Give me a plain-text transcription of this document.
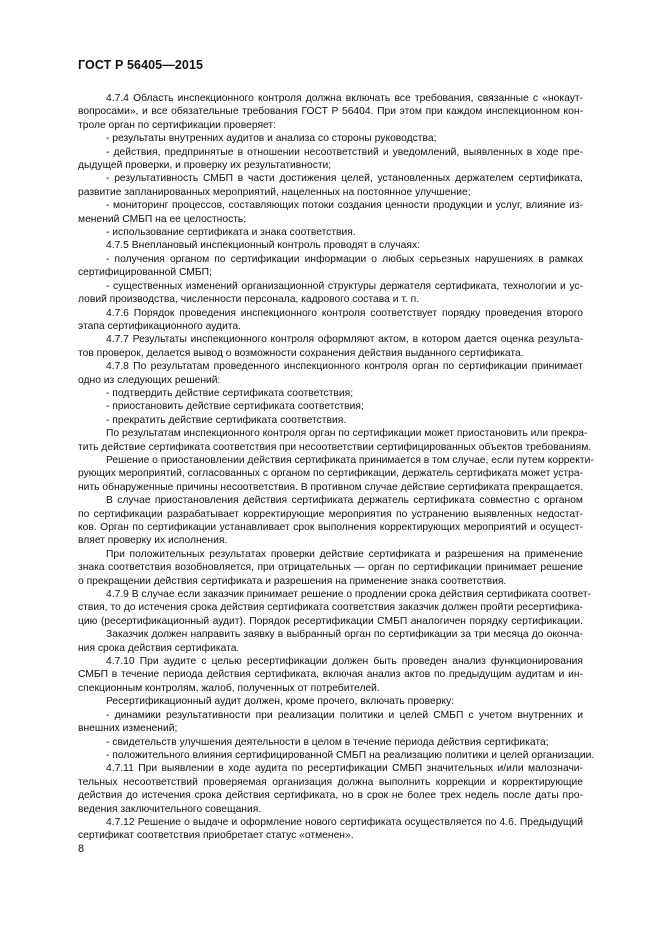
ГОСТ Р 56405—2015
4.7.4 Область инспекционного контроля должна включать все требования, связанные с «нокаут-
вопросами», и все обязательные требования ГОСТ Р 56404. При этом при каждом инспекционном кон-
троле орган по сертификации проверяет:
- результаты внутренних аудитов и анализа со стороны руководства;
- действия, предпринятые в отношении несоответствий и уведомлений, выявленных в ходе пре-
дыдущей проверки, и проверку их результативности;
- результативность СМБП в части достижения целей, установленных держателем сертификата,
развитие запланированных мероприятий, нацеленных на постоянное улучшение;
- мониторинг процессов, составляющих потоки создания ценности продукции и услуг, влияние из-
менений СМБП на ее целостность;
- использование сертификата и знака соответствия.
4.7.5 Внеплановый инспекционный контроль проводят в случаях:
- получения органом по сертификации информации о любых серьезных нарушениях в рамках
сертифицированной СМБП;
- существенных изменений организационной структуры держателя сертификата, технологии и ус-
ловий производства, численности персонала, кадрового состава и т. п.
4.7.6 Порядок проведения инспекционного контроля соответствует порядку проведения второго
этапа сертификационного аудита.
4.7.7 Результаты инспекционного контроля оформляют актом, в котором дается оценка результа-
тов проверок, делается вывод о возможности сохранения действия выданного сертификата.
4.7.8 По результатам проведенного инспекционного контроля орган по сертификации принимает
одно из следующих решений:
- подтвердить действие сертификата соответствия;
- приостановить действие сертификата соответствия;
- прекратить действие сертификата соответствия.
По результатам инспекционного контроля орган по сертификации может приостановить или прекра-
тить действие сертификата соответствия при несоответствии сертифицированных объектов требованиям.
Решение о приостановлении действия сертификата принимается в том случае, если путем корректи-
рующих мероприятий, согласованных с органом по сертификации, держатель сертификата может устра-
нить обнаруженные причины несоответствия. В противном случае действие сертификата прекращается.
В случае приостановления действия сертификата держатель сертификата совместно с органом
по сертификации разрабатывает корректирующие мероприятия по устранению выявленных недостат-
ков. Орган по сертификации устанавливает срок выполнения корректирующих мероприятий и осущест-
вляет проверку их исполнения.
При положительных результатах проверки действие сертификата и разрешения на применение
знака соответствия возобновляется, при отрицательных — орган по сертификации принимает решение
о прекращении действия сертификата и разрешения на применение знака соответствия.
4.7.9 В случае если заказчик принимает решение о продлении срока действия сертификата соответ-
ствия, то до истечения срока действия сертификата соответствия заказчик должен пройти ресертифика-
цию (ресертификационный аудит). Порядок ресертификации СМБП аналогичен порядку сертификации.
Заказчик должен направить заявку в выбранный орган по сертификации за три месяца до оконча-
ния срока действия сертификата.
4.7.10 При аудите с целью ресертификации должен быть проведен анализ функционирования
СМБП в течение периода действия сертификата, включая анализ актов по предыдущим аудитам и ин-
спекционным контролям, жалоб, полученных от потребителей.
Ресертификационный аудит должен, кроме прочего, включать проверку:
- динамики результативности при реализации политики и целей СМБП с учетом внутренних и
внешних изменений;
- свидетельств улучшения деятельности в целом в течение периода действия сертификата;
- положительного влияния сертифицированной СМБП на реализацию политики и целей организации.
4.7.11 При выявлении в ходе аудита по ресертификации СМБП значительных и/или малозначи-
тельных несоответствий проверяемая организация должна выполнить коррекции и корректирующие
действия до истечения срока действия сертификата, но в срок не более трех недель после даты про-
ведения заключительного совещания.
4.7.12 Решение о выдаче и оформление нового сертификата осуществляется по 4.6. Предыдущий
сертификат соответствия приобретает статус «отменен».
8
